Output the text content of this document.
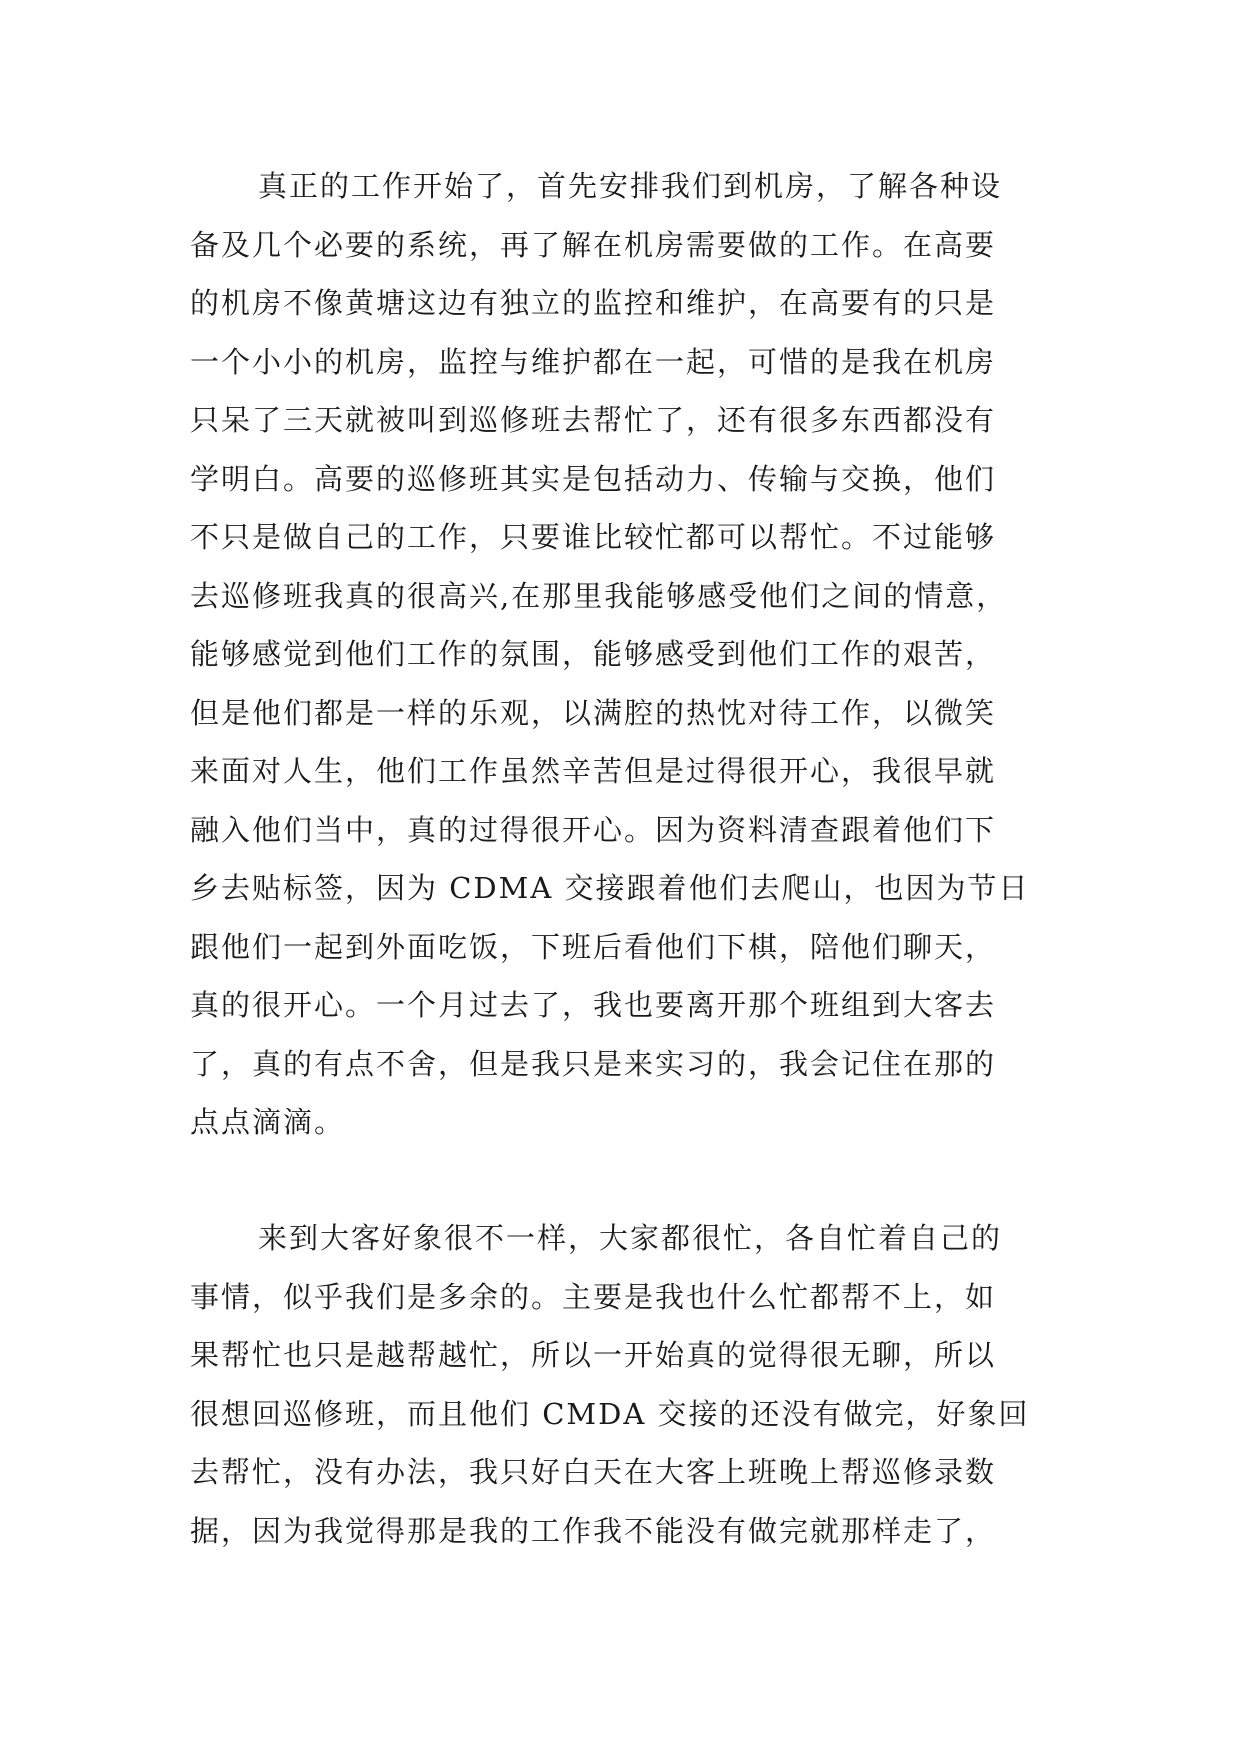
真正的工作开始了，首先安排我们到机房，了解各种设
备及几个必要的系统，再了解在机房需要做的工作。在高要
的机房不像黄塘这边有独立的监控和维护，在高要有的只是
一个小小的机房，监控与维护都在一起，可惜的是我在机房
只呆了三天就被叫到巡修班去帮忙了，还有很多东西都没有
学明白。高要的巡修班其实是包括动力、传输与交换，他们
不只是做自己的工作，只要谁比较忙都可以帮忙。不过能够
去巡修班我真的很高兴,在那里我能够感受他们之间的情意，
能够感觉到他们工作的氛围，能够感受到他们工作的艰苦，
但是他们都是一样的乐观，以满腔的热忱对待工作，以微笑
来面对人生，他们工作虽然辛苦但是过得很开心，我很早就
融入他们当中，真的过得很开心。因为资料清查跟着他们下
乡去贴标签，因为 CDMA 交接跟着他们去爬山，也因为节日
跟他们一起到外面吃饭，下班后看他们下棋，陪他们聊天，
真的很开心。一个月过去了，我也要离开那个班组到大客去
了，真的有点不舍，但是我只是来实习的，我会记住在那的
点点滴滴。
来到大客好象很不一样，大家都很忙，各自忙着自己的
事情，似乎我们是多余的。主要是我也什么忙都帮不上，如
果帮忙也只是越帮越忙，所以一开始真的觉得很无聊，所以
很想回巡修班，而且他们 CMDA 交接的还没有做完，好象回
去帮忙，没有办法，我只好白天在大客上班晚上帮巡修录数
据，因为我觉得那是我的工作我不能没有做完就那样走了，
